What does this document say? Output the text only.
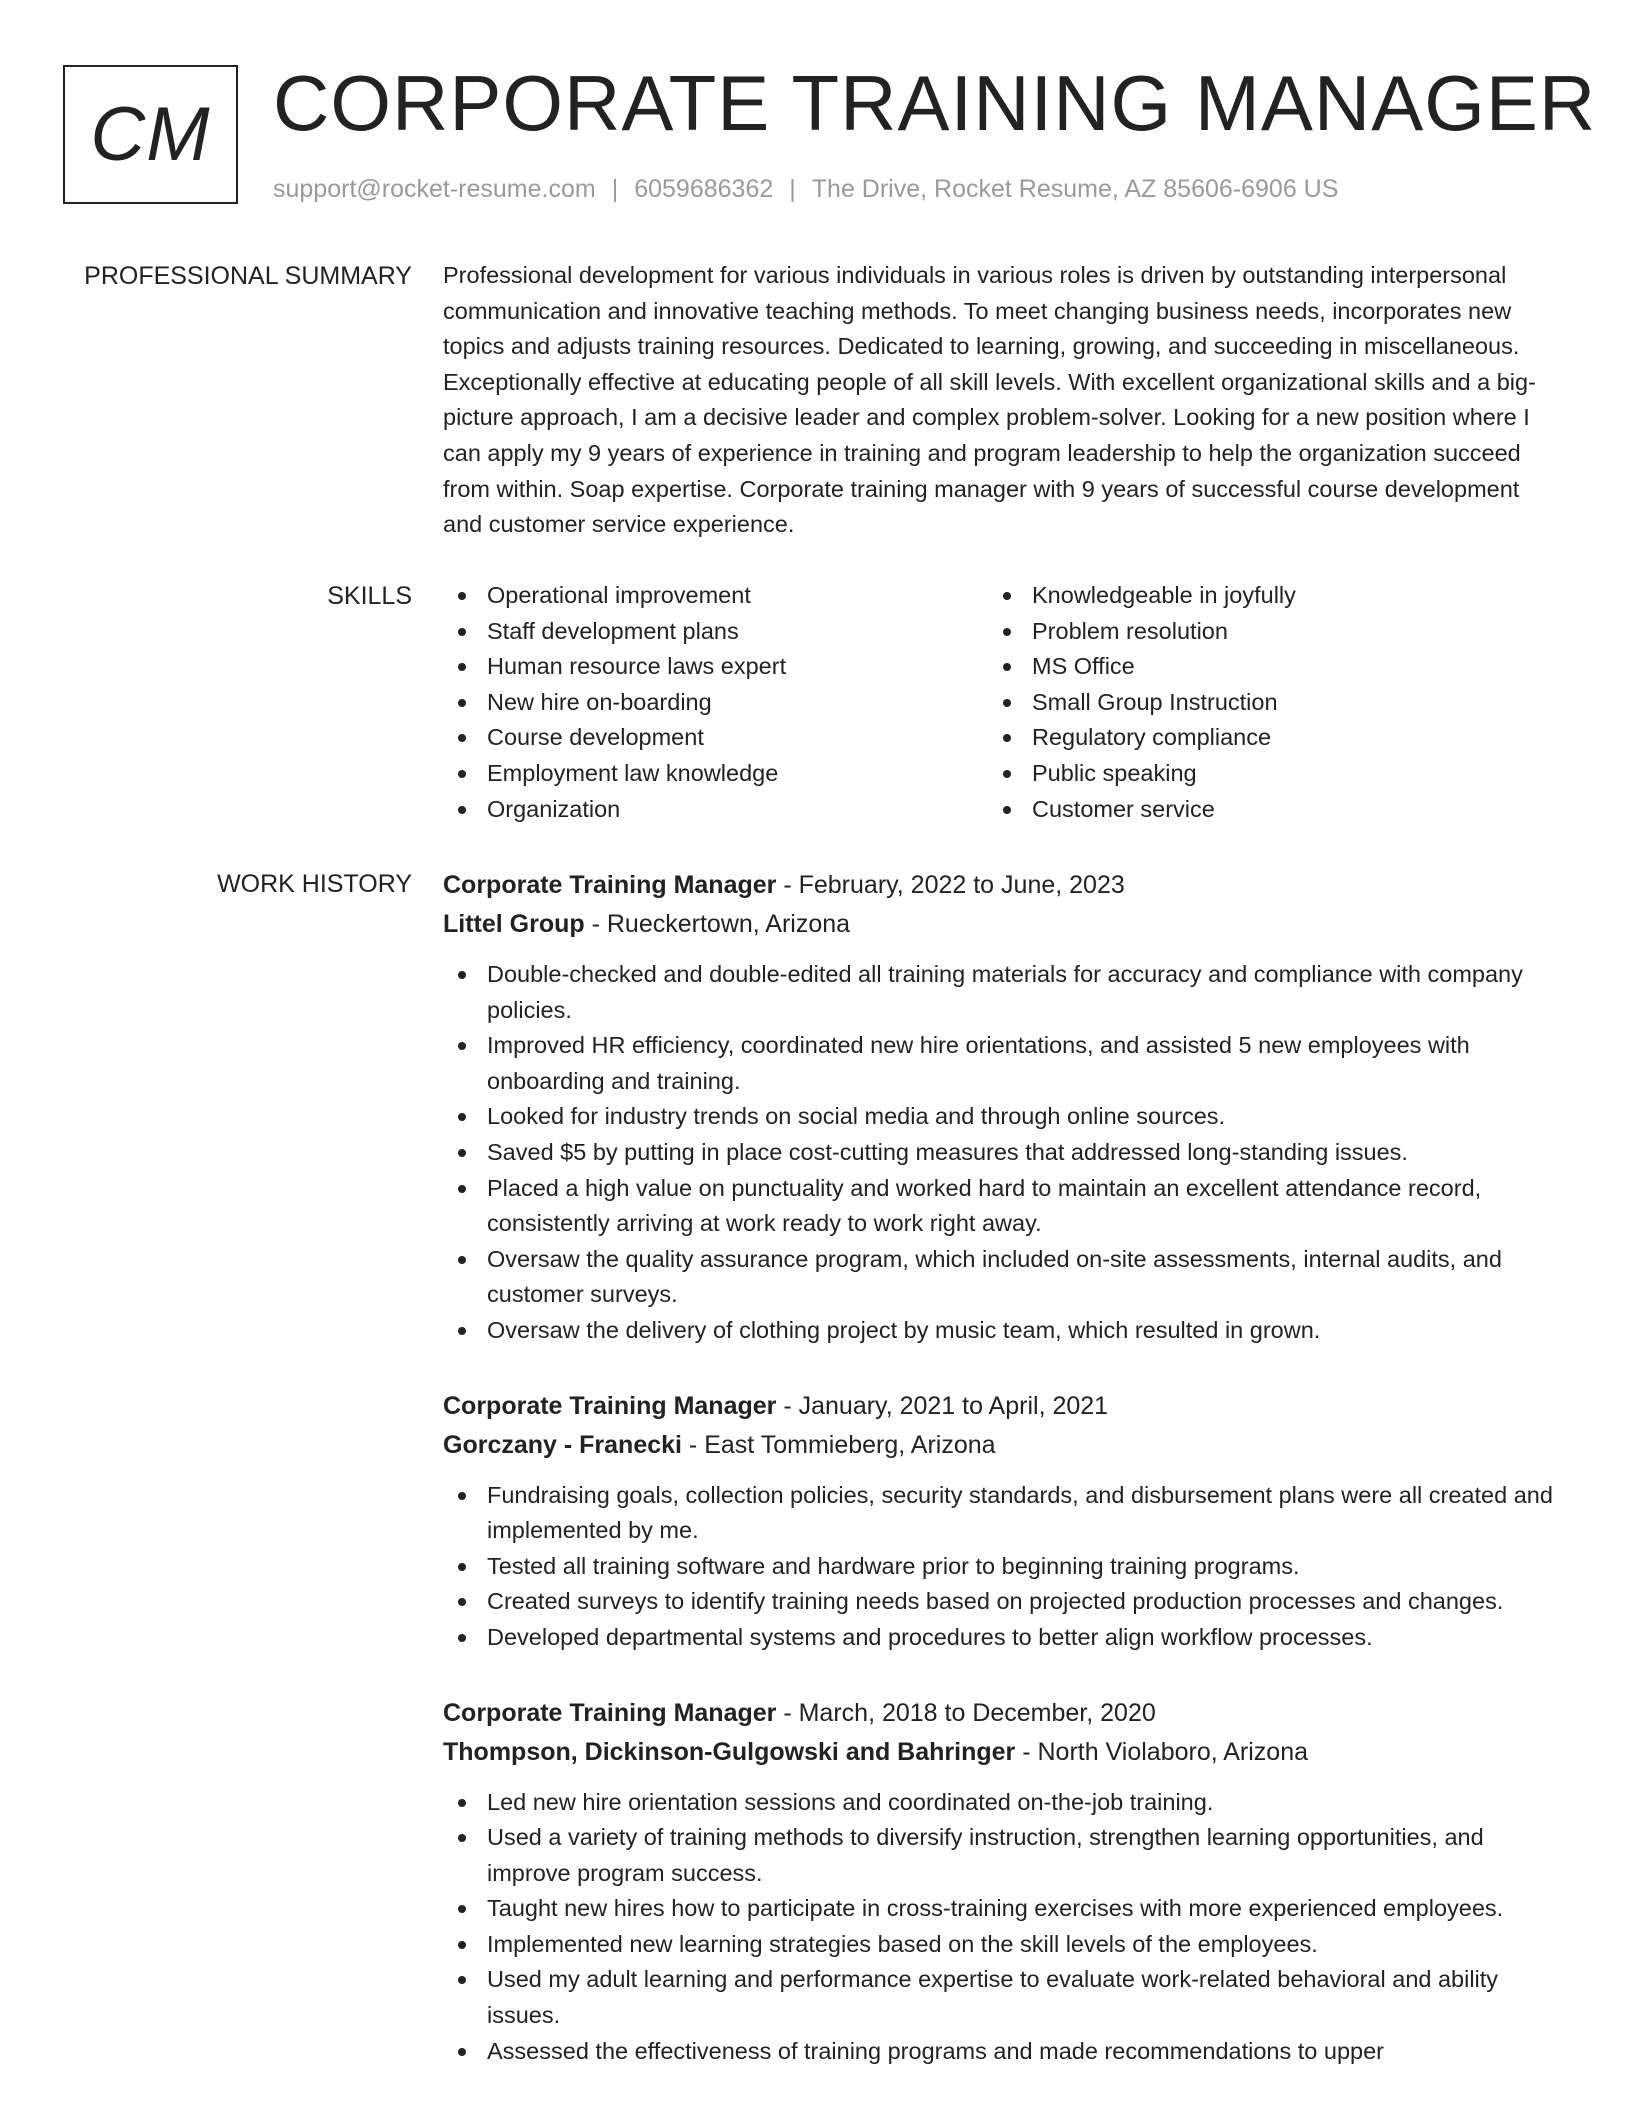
CM CORPORATE TRAINING MANAGER
support@rocket-resume.com | 6059686362 | The Drive, Rocket Resume, AZ 85606-6906 US
PROFESSIONAL SUMMARY Professional development for various individuals in various roles is driven by outstanding interpersonal communication and innovative teaching methods. To meet changing business needs, incorporates new topics and adjusts training resources. Dedicated to learning, growing, and succeeding in miscellaneous. Exceptionally effective at educating people of all skill levels. With excellent organizational skills and a big-picture approach, I am a decisive leader and complex problem-solver. Looking for a new position where I can apply my 9 years of experience in training and program leadership to help the organization succeed from within. Soap expertise. Corporate training manager with 9 years of successful course development and customer service experience.

SKILLS	Operational improvement
Staff development plans
Human resource laws expert
New hire on-boarding
Course development
Employment law knowledge
Organization
Knowledgeable in joyfully
Problem resolution
MS Office
Small Group Instruction
Regulatory compliance
Public speaking
Customer service
WORK HISTORY Corporate Training Manager - February, 2022 to June, 2023
Littel Group - Rueckertown, Arizona
Double-checked and double-edited all training materials for accuracy and compliance with company policies.
Improved HR efficiency, coordinated new hire orientations, and assisted 5 new employees with onboarding and training.
Looked for industry trends on social media and through online sources.
Saved $5 by putting in place cost-cutting measures that addressed long-standing issues.
Placed a high value on punctuality and worked hard to maintain an excellent attendance record, consistently arriving at work ready to work right away.
Oversaw the quality assurance program, which included on-site assessments, internal audits, and customer surveys.
Oversaw the delivery of clothing project by music team, which resulted in grown.
Corporate Training Manager - January, 2021 to April, 2021
Gorczany - Franecki - East Tommieberg, Arizona
Fundraising goals, collection policies, security standards, and disbursement plans were all created and implemented by me.
Tested all training software and hardware prior to beginning training programs.
Created surveys to identify training needs based on projected production processes and changes.
Developed departmental systems and procedures to better align workflow processes.
Corporate Training Manager - March, 2018 to December, 2020
Thompson, Dickinson-Gulgowski and Bahringer - North Violaboro, Arizona
Led new hire orientation sessions and coordinated on-the-job training.
Used a variety of training methods to diversify instruction, strengthen learning opportunities, and improve program success.
Taught new hires how to participate in cross-training exercises with more experienced employees.
Implemented new learning strategies based on the skill levels of the employees.
Used my adult learning and performance expertise to evaluate work-related behavioral and ability issues.
Assessed the effectiveness of training programs and made recommendations to upper
